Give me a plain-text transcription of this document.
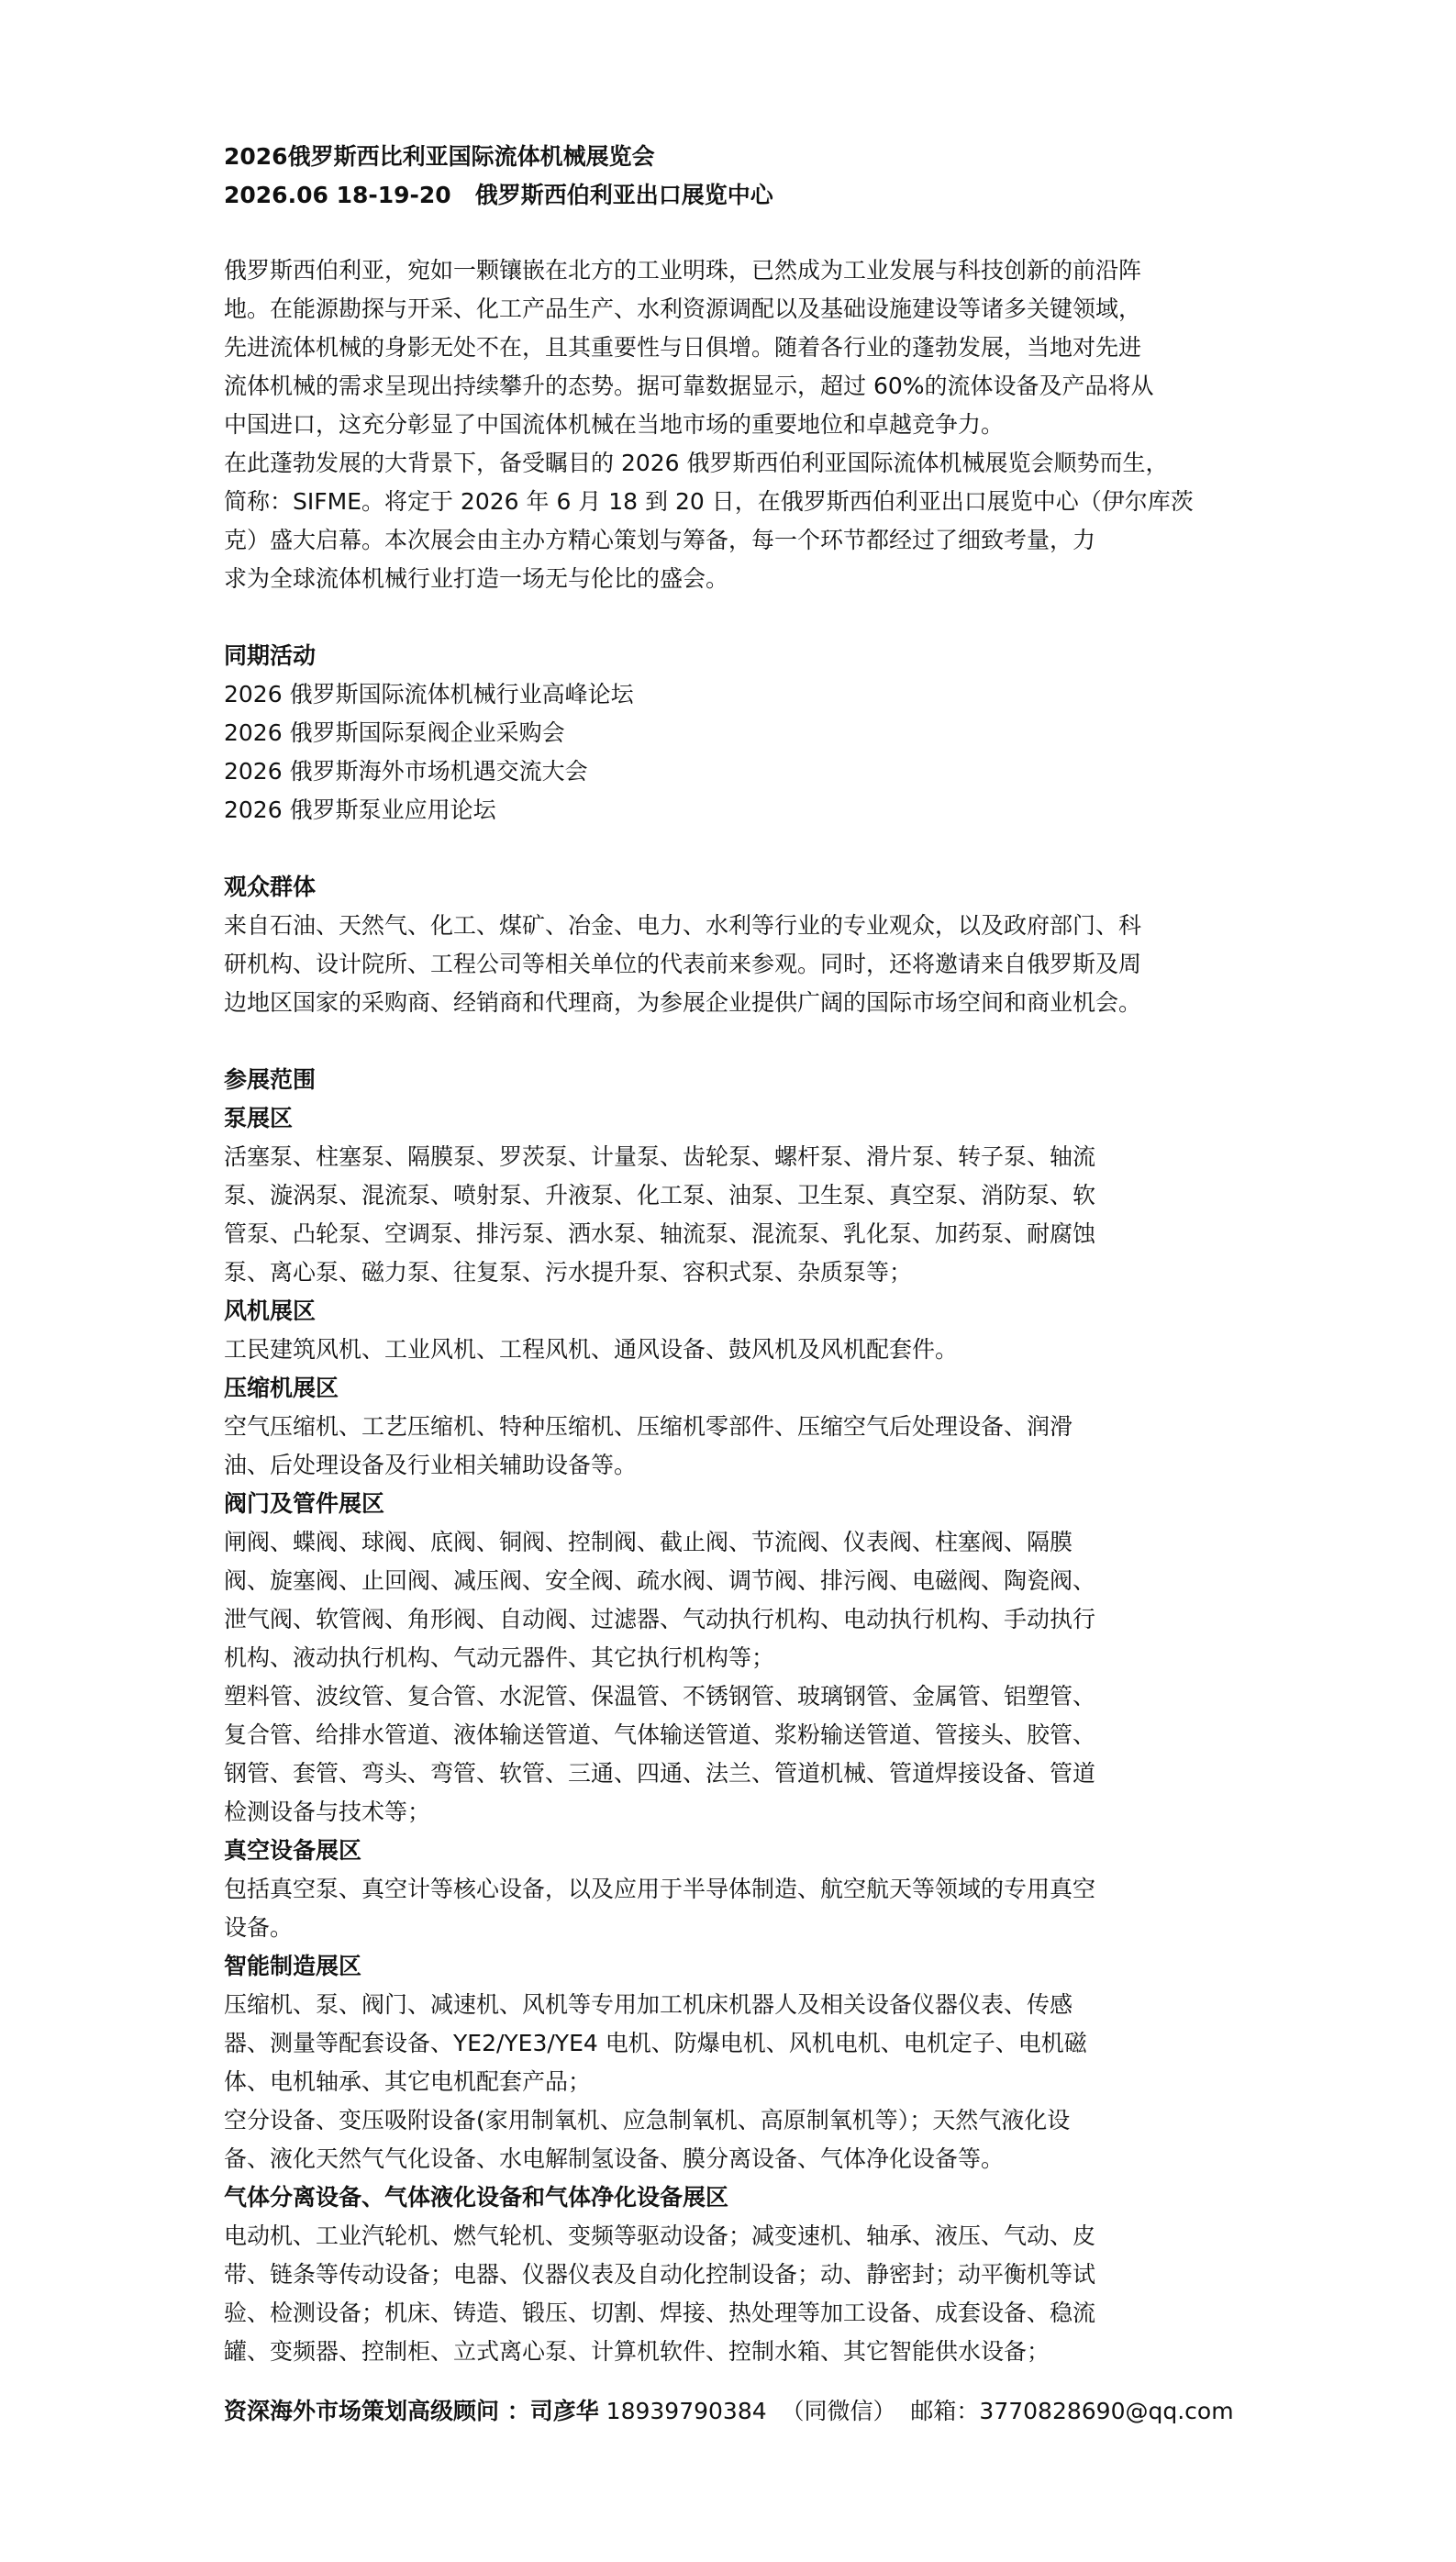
2026俄罗斯西比利亚国际流体机械展览会

2026.06 18-19-20   俄罗斯西伯利亚出口展览中心

俄罗斯西伯利亚，宛如一颗镶嵌在北方的工业明珠，已然成为工业发展与科技创新的前沿阵

地。在能源勘探与开采、化工产品生产、水利资源调配以及基础设施建设等诸多关键领域，

先进流体机械的身影无处不在，且其重要性与日俱增。随着各行业的蓬勃发展，当地对先进

流体机械的需求呈现出持续攀升的态势。据可靠数据显示，超过 60%的流体设备及产品将从

中国进口，这充分彰显了中国流体机械在当地市场的重要地位和卓越竞争力。

在此蓬勃发展的大背景下，备受瞩目的 2026 俄罗斯西伯利亚国际流体机械展览会顺势而生，

简称：SIFME。将定于 2026 年 6 月 18 到 20 日，在俄罗斯西伯利亚出口展览中心（伊尔库茨

克）盛大启幕。本次展会由主办方精心策划与筹备，每一个环节都经过了细致考量，力

求为全球流体机械行业打造一场无与伦比的盛会。

同期活动

2026 俄罗斯国际流体机械行业高峰论坛

2026 俄罗斯国际泵阀企业采购会

2026 俄罗斯海外市场机遇交流大会

2026 俄罗斯泵业应用论坛

观众群体

来自石油、天然气、化工、煤矿、冶金、电力、水利等行业的专业观众，以及政府部门、科

研机构、设计院所、工程公司等相关单位的代表前来参观。同时，还将邀请来自俄罗斯及周

边地区国家的采购商、经销商和代理商，为参展企业提供广阔的国际市场空间和商业机会。

参展范围

泵展区

活塞泵、柱塞泵、隔膜泵、罗茨泵、计量泵、齿轮泵、螺杆泵、滑片泵、转子泵、轴流

泵、漩涡泵、混流泵、喷射泵、升液泵、化工泵、油泵、卫生泵、真空泵、消防泵、软

管泵、凸轮泵、空调泵、排污泵、洒水泵、轴流泵、混流泵、乳化泵、加药泵、耐腐蚀

泵、离心泵、磁力泵、往复泵、污水提升泵、容积式泵、杂质泵等；

风机展区

工民建筑风机、工业风机、工程风机、通风设备、鼓风机及风机配套件。

压缩机展区

空气压缩机、工艺压缩机、特种压缩机、压缩机零部件、压缩空气后处理设备、润滑

油、后处理设备及行业相关辅助设备等。

阀门及管件展区

闸阀、蝶阀、球阀、底阀、铜阀、控制阀、截止阀、节流阀、仪表阀、柱塞阀、隔膜

阀、旋塞阀、止回阀、减压阀、安全阀、疏水阀、调节阀、排污阀、电磁阀、陶瓷阀、

泄气阀、软管阀、角形阀、自动阀、过滤器、气动执行机构、电动执行机构、手动执行

机构、液动执行机构、气动元器件、其它执行机构等；

塑料管、波纹管、复合管、水泥管、保温管、不锈钢管、玻璃钢管、金属管、铝塑管、

复合管、给排水管道、液体输送管道、气体输送管道、浆粉输送管道、管接头、胶管、

钢管、套管、弯头、弯管、软管、三通、四通、法兰、管道机械、管道焊接设备、管道

检测设备与技术等；

真空设备展区

包括真空泵、真空计等核心设备，以及应用于半导体制造、航空航天等领域的专用真空

设备。

智能制造展区

压缩机、泵、阀门、减速机、风机等专用加工机床机器人及相关设备仪器仪表、传感

器、测量等配套设备、YE2/YE3/YE4 电机、防爆电机、风机电机、电机定子、电机磁

体、电机轴承、其它电机配套产品；

空分设备、变压吸附设备(家用制氧机、应急制氧机、高原制氧机等）；天然气液化设

备、液化天然气气化设备、水电解制氢设备、膜分离设备、气体净化设备等。

气体分离设备、气体液化设备和气体净化设备展区

电动机、工业汽轮机、燃气轮机、变频等驱动设备；减变速机、轴承、液压、气动、皮

带、链条等传动设备；电器、仪器仪表及自动化控制设备；动、静密封；动平衡机等试

验、检测设备；机床、铸造、锻压、切割、焊接、热处理等加工设备、成套设备、稳流

罐、变频器、控制柜、立式离心泵、计算机软件、控制水箱、其它智能供水设备；

资深海外市场策划高级顾问 ：司彦华 18939790384  （同微信）  邮箱：3770828690@qq.com
